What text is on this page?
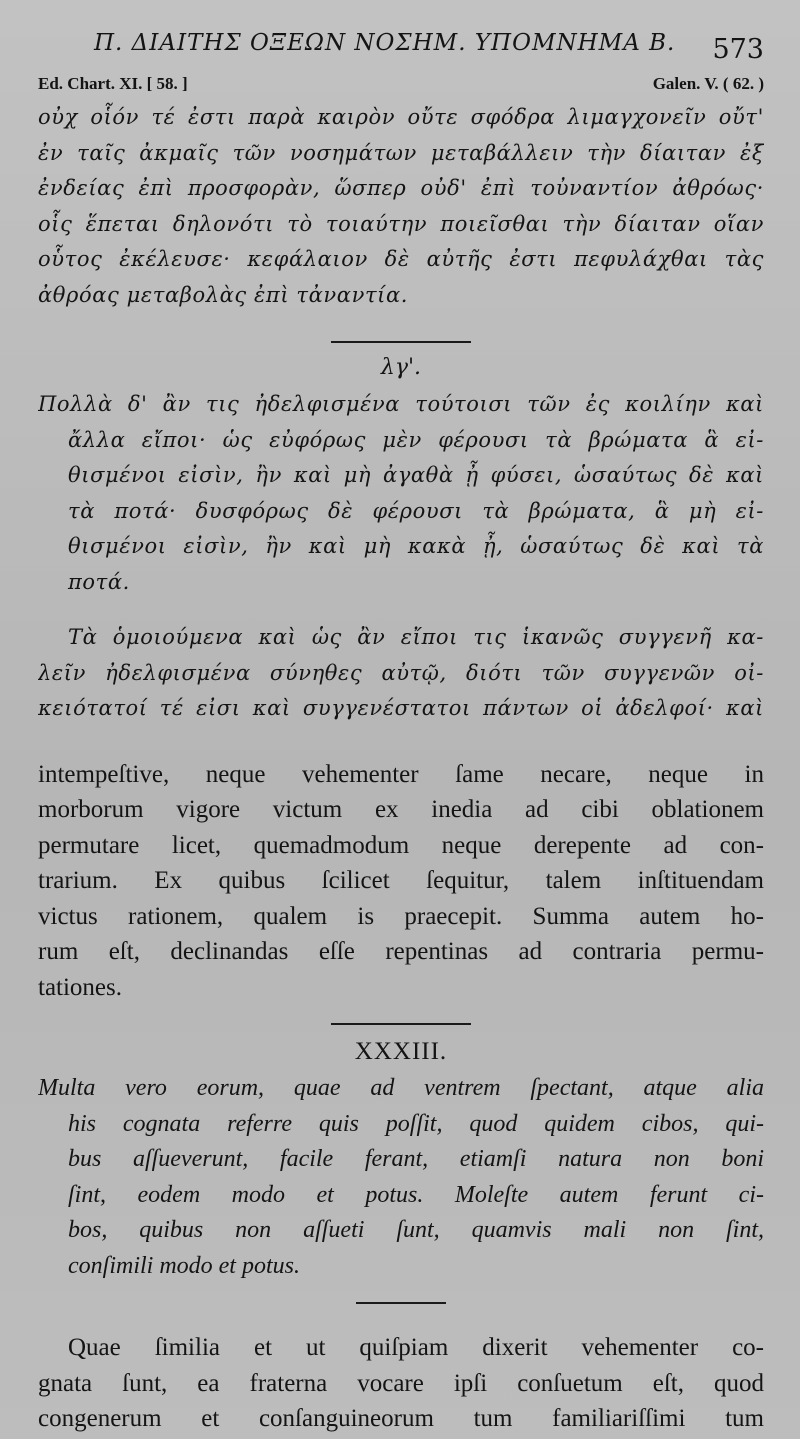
Π. ΔΙΑΙΤΗΣ ΟΞΕΩΝ ΝΟΣΗΜ. ΥΠΟΜΝΗΜΑ Β. 573
Ed. Chart. XI. [ 58. ]	Galen. V. ( 62. )
οὐχ οἷόν τέ ἐστι παρὰ καιρὸν οὔτε σφόδρα λιμαγχονεῖν οὔτ'
ἐν ταῖς ἀκμαῖς τῶν νοσημάτων μεταβάλλειν τὴν δίαιταν ἐξ
ἐνδείας ἐπὶ προσφορὰν, ὥσπερ οὐδ' ἐπὶ τοὐναντίον ἀθρόως·
οἷς ἕπεται δηλονότι τὸ τοιαύτην ποιεῖσθαι τὴν δίαιταν οἵαν
οὗτος ἐκέλευσε· κεφάλαιον δὲ αὐτῆς ἐστι πεφυλάχθαι τὰς
ἀθρόας μεταβολὰς ἐπὶ τἀναντία.
λγ'.
Πολλὰ δ' ἂν τις ἠδελφισμένα τούτοισι τῶν ἐς κοιλίην καὶ
ἄλλα εἴποι· ὡς εὐφόρως μὲν φέρουσι τὰ βρώματα ἃ εἰ-
θισμένοι εἰσὶν, ἢν καὶ μὴ ἀγαθὰ ᾖ φύσει, ὡσαύτως δὲ καὶ
τὰ ποτά· δυσφόρως δὲ φέρουσι τὰ βρώματα, ἃ μὴ εἰ-
θισμένοι εἰσὶν, ἢν καὶ μὴ κακὰ ᾖ, ὡσαύτως δὲ καὶ τὰ
ποτά.
Τὰ ὁμοιούμενα καὶ ὡς ἂν εἴποι τις ἱκανῶς συγγενῆ κα-
λεῖν ἠδελφισμένα σύνηθες αὐτῷ, διότι τῶν συγγενῶν οἰ-
κειότατοί τέ εἰσι καὶ συγγενέστατοι πάντων οἱ ἀδελφοί· καὶ
intempeſtive, neque vehementer ſame necare, neque in
morborum vigore victum ex inedia ad cibi oblationem
permutare licet, quemadmodum neque derepente ad con-
trarium. Ex quibus ſcilicet ſequitur, talem inſtituendam
victus rationem, qualem is praecepit. Summa autem ho-
rum eſt, declinandas eſſe repentinas ad contraria permu-
tationes.
XXXIII.
Multa vero eorum, quae ad ventrem ſpectant, atque alia
his cognata referre quis poſſit, quod quidem cibos, qui-
bus aſſueverunt, facile ferant, etiamſi natura non boni
ſint, eodem modo et potus. Moleſte autem ferunt ci-
bos, quibus non aſſueti ſunt, quamvis mali non ſint,
conſimili modo et potus.
Quae ſimilia et ut quiſpiam dixerit vehementer co-
gnata ſunt, ea fraterna vocare ipſi conſuetum eſt, quod
congenerum et conſanguineorum tum familiariſſimi tum
